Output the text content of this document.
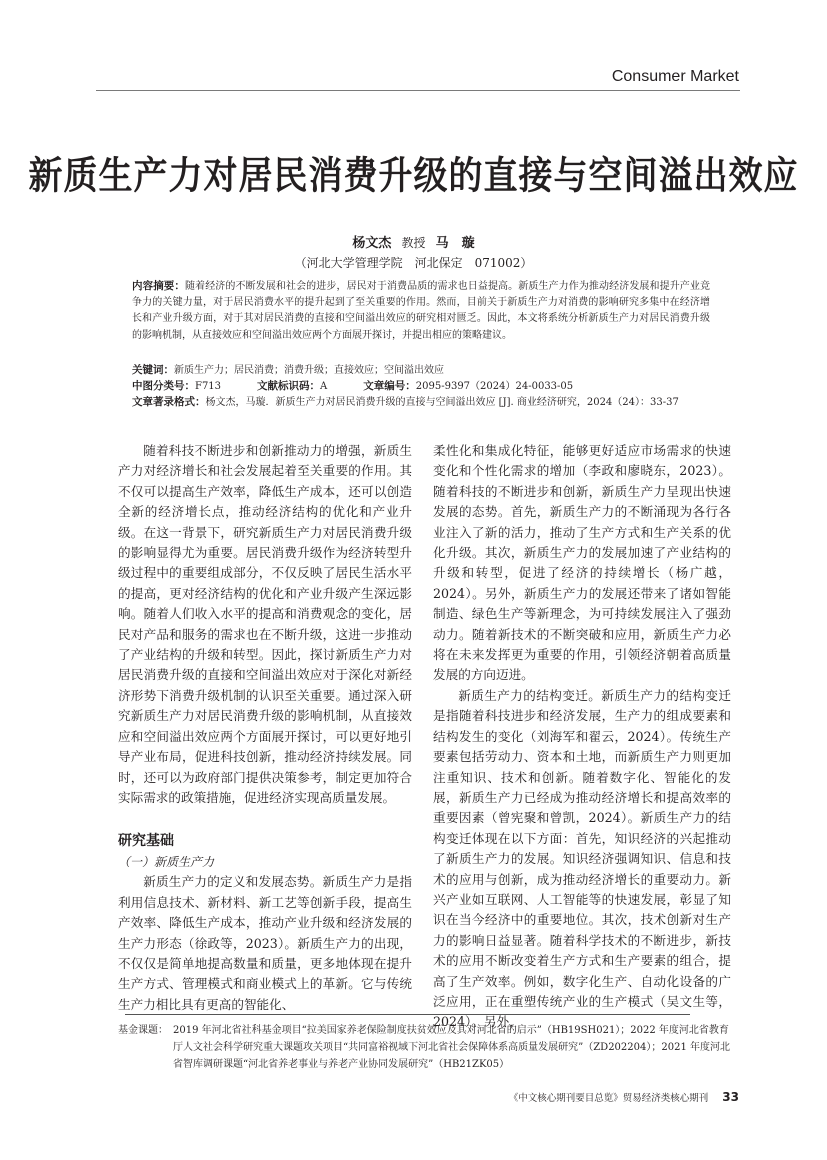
Consumer Market
新质生产力对居民消费升级的直接与空间溢出效应
杨文杰 教授 马　璇
（河北大学管理学院　河北保定　071002）
内容摘要：随着经济的不断发展和社会的进步，居民对于消费品质的需求也日益提高。新质生产力作为推动经济发展和提升产业竞争力的关键力量，对于居民消费水平的提升起到了至关重要的作用。然而，目前关于新质生产力对消费的影响研究多集中在经济增长和产业升级方面，对于其对居民消费的直接和空间溢出效应的研究相对匮乏。因此，本文将系统分析新质生产力对居民消费升级的影响机制，从直接效应和空间溢出效应两个方面展开探讨，并提出相应的策略建议。
关键词：新质生产力；居民消费；消费升级；直接效应；空间溢出效应
中图分类号：F713	文献标识码：A	文章编号：2095-9397（2024）24-0033-05
文章著录格式：杨文杰，马璇．新质生产力对居民消费升级的直接与空间溢出效应 [J]. 商业经济研究，2024（24）：33-37

随着科技不断进步和创新推动力的增强，新质生产力对经济增长和社会发展起着至关重要的作用。其不仅可以提高生产效率，降低生产成本，还可以创造全新的经济增长点，推动经济结构的优化和产业升级。在这一背景下，研究新质生产力对居民消费升级的影响显得尤为重要。居民消费升级作为经济转型升级过程中的重要组成部分，不仅反映了居民生活水平的提高，更对经济结构的优化和产业升级产生深远影响。随着人们收入水平的提高和消费观念的变化，居民对产品和服务的需求也在不断升级，这进一步推动了产业结构的升级和转型。因此，探讨新质生产力对居民消费升级的直接和空间溢出效应对于深化对新经济形势下消费升级机制的认识至关重要。通过深入研究新质生产力对居民消费升级的影响机制，从直接效应和空间溢出效应两个方面展开探讨，可以更好地引导产业布局，促进科技创新，推动经济持续发展。同时，还可以为政府部门提供决策参考，制定更加符合实际需求的政策措施，促进经济实现高质量发展。

研究基础
（一）新质生产力

新质生产力的定义和发展态势。新质生产力是指利用信息技术、新材料、新工艺等创新手段，提高生产效率、降低生产成本，推动产业升级和经济发展的生产力形态（徐政等，2023）。新质生产力的出现，不仅仅是简单地提高数量和质量，更多地体现在提升生产方式、管理模式和商业模式上的革新。它与传统生产力相比具有更高的智能化、

柔性化和集成化特征，能够更好适应市场需求的快速变化和个性化需求的增加（李政和廖晓东，2023）。随着科技的不断进步和创新，新质生产力呈现出快速发展的态势。首先，新质生产力的不断涌现为各行各业注入了新的活力，推动了生产方式和生产关系的优化升级。其次，新质生产力的发展加速了产业结构的升级和转型，促进了经济的持续增长（杨广越，2024）。另外，新质生产力的发展还带来了诸如智能制造、绿色生产等新理念，为可持续发展注入了强劲动力。随着新技术的不断突破和应用，新质生产力必将在未来发挥更为重要的作用，引领经济朝着高质量发展的方向迈进。

新质生产力的结构变迁。新质生产力的结构变迁是指随着科技进步和经济发展，生产力的组成要素和结构发生的变化（刘海军和翟云，2024）。传统生产要素包括劳动力、资本和土地，而新质生产力则更加注重知识、技术和创新。随着数字化、智能化的发展，新质生产力已经成为推动经济增长和提高效率的重要因素（曾宪聚和曾凯，2024）。新质生产力的结构变迁体现在以下方面：首先，知识经济的兴起推动了新质生产力的发展。知识经济强调知识、信息和技术的应用与创新，成为推动经济增长的重要动力。新兴产业如互联网、人工智能等的快速发展，彰显了知识在当今经济中的重要地位。其次，技术创新对生产力的影响日益显著。随着科学技术的不断进步，新技术的应用不断改变着生产方式和生产要素的组合，提高了生产效率。例如，数字化生产、自动化设备的广泛应用，正在重塑传统产业的生产模式（吴文生等，2024）。另外，

基金课题： 2019 年河北省社科基金项目“拉美国家养老保险制度扶贫效应及其对河北省的启示”（HB19SH021）；2022 年度河北省教育厅人文社会科学研究重大课题攻关项目“共同富裕视域下河北省社会保障体系高质量发展研究”（ZD202204）；2021 年度河北省智库调研课题“河北省养老事业与养老产业协同发展研究”（HB21ZK05）
《中文核心期刊要目总览》贸易经济类核心期刊 33
